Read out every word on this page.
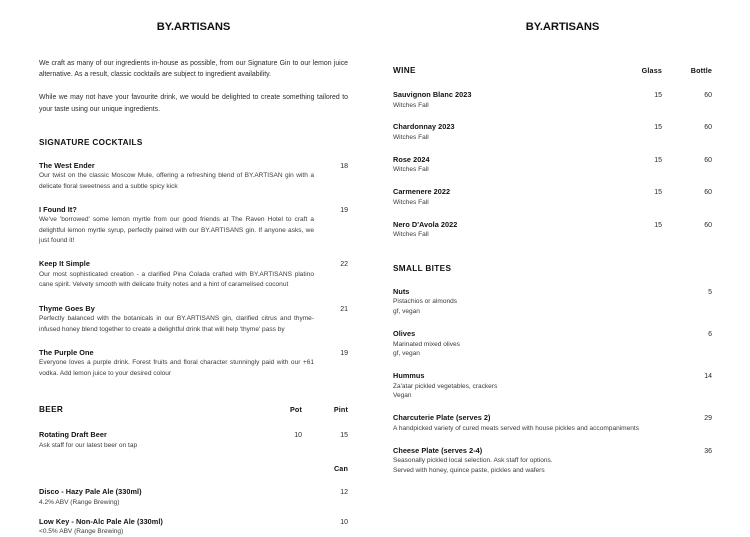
BY.ARTISANS

We craft as many of our ingredients in-house as possible, from our Signature Gin to our lemon juice alternative. As a result, classic cocktails are subject to ingredient availability.

While we may not have your favourite drink, we would be delighted to create something tailored to your taste using our unique ingredients.

SIGNATURE COCKTAILS
The West Ender	18
Our twist on the classic Moscow Mule, offering a refreshing blend of BY.ARTISAN gin with a delicate floral sweetness and a subtle spicy kick
I Found It?	19
We've 'borrowed' some lemon myrtle from our good friends at The Raven Hotel to craft a delightful lemon myrtle syrup, perfectly paired with our BY.ARTISANS gin. If anyone asks, we just found it!
Keep It Simple	22
Our most sophisticated creation - a clarified Pina Colada crafted with BY.ARTISANS platino cane spirit. Velvety smooth with delicate fruity notes and a hint of caramelised coconut
Thyme Goes By	21
Perfectly balanced with the botanicals in our BY.ARTISANS gin, clarified citrus and thyme-infused honey blend together to create a delightful drink that will help 'thyme' pass by
The Purple One	19
Everyone loves a purple drink. Forest fruits and floral character stunningly paid with our +61 vodka. Add lemon juice to your desired colour
BEER	Pot	Pint
Rotating Draft Beer	10	15
Ask staff for our latest beer on tap
Can
Disco - Hazy Pale Ale (330ml)	12
4.2% ABV (Range Brewing)
Low Key - Non-Alc Pale Ale (330ml)	10
<0.5% ABV (Range Brewing)
BY.ARTISANS
WINE	Glass	Bottle
Sauvignon Blanc 2023	15	60
Witches Fall
Chardonnay 2023	15	60
Witches Fall
Rose 2024	15	60
Witches Fall
Carmenere 2022	15	60
Witches Fall
Nero D'Avola 2022	15	60
Witches Fall
SMALL BITES
Nuts	5
Pistachios or almonds
gf, vegan
Olives	6
Marinated mixed olives
gf, vegan
Hummus	14
Za'atar pickled vegetables, crackers
Vegan
Charcuterie Plate (serves 2)	29
A handpicked variety of cured meats served with house pickles and accompaniments
Cheese Plate (serves 2-4)	36
Seasonally pickled local selection. Ask staff for options.
Served with honey, quince paste, pickles and wafers
